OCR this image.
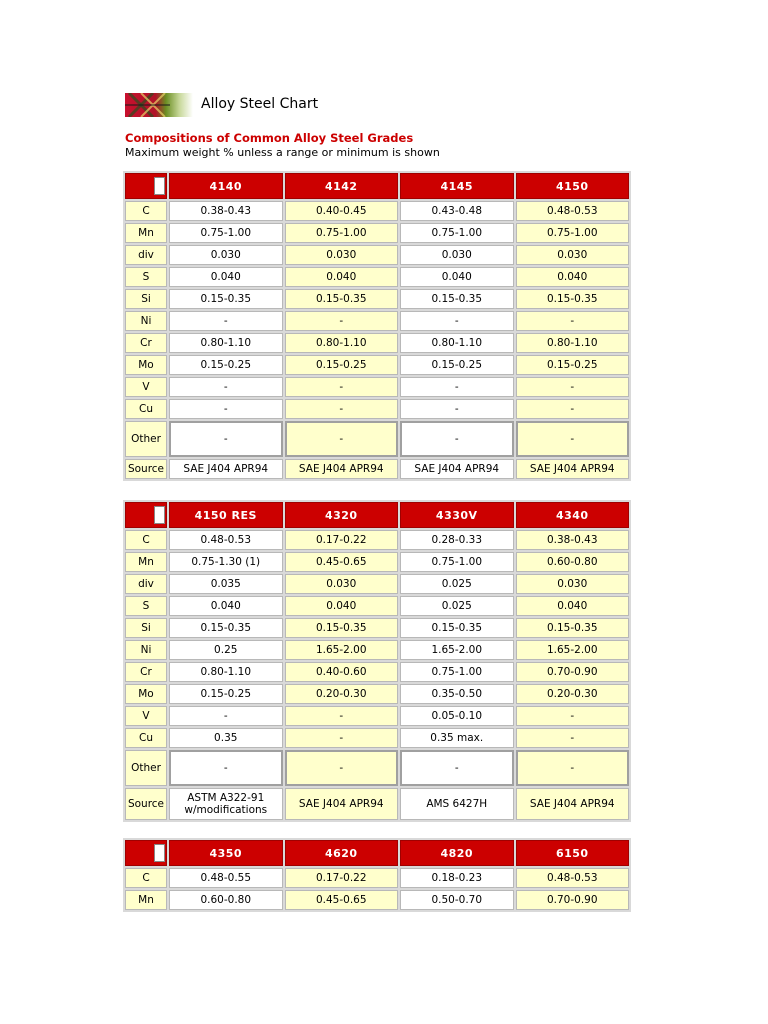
Alloy Steel Chart
Compositions of Common Alloy Steel Grades
Maximum weight % unless a range or minimum is shown
	4140	4142	4145	4150
C	0.38-0.43	0.40-0.45	0.43-0.48	0.48-0.53
Mn	0.75-1.00	0.75-1.00	0.75-1.00	0.75-1.00
div	0.030	0.030	0.030	0.030
S	0.040	0.040	0.040	0.040
Si	0.15-0.35	0.15-0.35	0.15-0.35	0.15-0.35
Ni	-	-	-	-
Cr	0.80-1.10	0.80-1.10	0.80-1.10	0.80-1.10
Mo	0.15-0.25	0.15-0.25	0.15-0.25	0.15-0.25
V	-	-	-	-
Cu	-	-	-	-
Other	-	-	-	-
Source	SAE J404 APR94	SAE J404 APR94	SAE J404 APR94	SAE J404 APR94
	4150 RES	4320	4330V	4340
C	0.48-0.53	0.17-0.22	0.28-0.33	0.38-0.43
Mn	0.75-1.30 (1)	0.45-0.65	0.75-1.00	0.60-0.80
div	0.035	0.030	0.025	0.030
S	0.040	0.040	0.025	0.040
Si	0.15-0.35	0.15-0.35	0.15-0.35	0.15-0.35
Ni	0.25	1.65-2.00	1.65-2.00	1.65-2.00
Cr	0.80-1.10	0.40-0.60	0.75-1.00	0.70-0.90
Mo	0.15-0.25	0.20-0.30	0.35-0.50	0.20-0.30
V	-	-	0.05-0.10	-
Cu	0.35	-	0.35 max.	-
Other	-	-	-	-
Source	ASTM A322-91 w/modifications	SAE J404 APR94	AMS 6427H	SAE J404 APR94
	4350	4620	4820	6150
C	0.48-0.55	0.17-0.22	0.18-0.23	0.48-0.53
Mn	0.60-0.80	0.45-0.65	0.50-0.70	0.70-0.90
